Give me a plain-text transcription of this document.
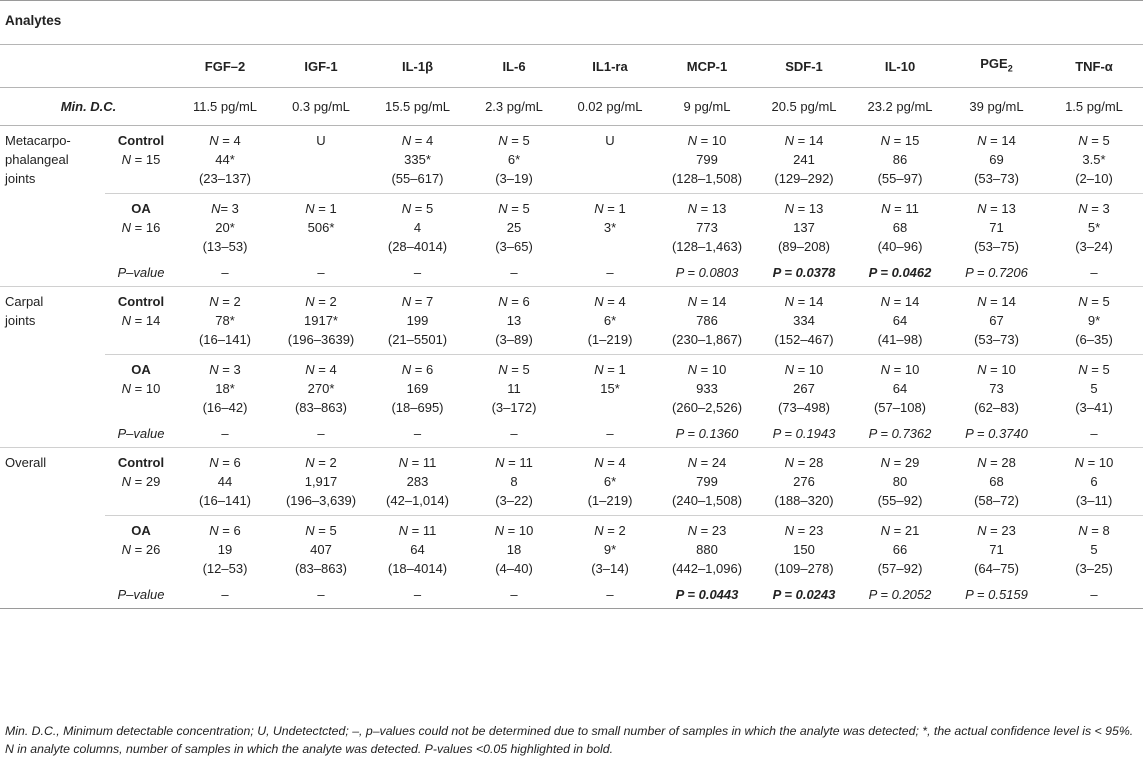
Analytes
		FGF–2	IGF-1	IL-1β	IL-6	IL1-ra	MCP-1	SDF-1	IL-10	$PGE_2$	TNF-α
Min. D.C.		11.5 pg/mL	0.3 pg/mL	15.5 pg/mL	2.3 pg/mL	0.02 pg/mL	9 pg/mL	20.5 pg/mL	23.2 pg/mL	39 pg/mL	1.5 pg/mL

Metacarpo-
phalangeal
joints	Control
N = 15	N = 4
44*
(23–137)	U	N = 4
335*
(55–617)	N = 5
6*
(3–19)	U	N = 10
799
(128–1,508)	N = 14
241
(129–292)	N = 15
86
(55–97)	N = 14
69
(53–73)	N = 5
3.5*
(2–10)

	OA
N = 16	N= 3
20*
(13–53)	N = 1
506*	N = 5
4
(28–4014)	N = 5
25
(3–65)	N = 1
3*	N = 13
773
(128–1,463)	N = 13
137
(89–208)	N = 11
68
(40–96)	N = 13
71
(53–75)	N = 3
5*
(3–24)

	P–value	–	–	–	–	–	P = 0.0803	P = 0.0378	P = 0.0462	P = 0.7206	–

Carpal
joints	Control
N = 14	N = 2
78*
(16–141)	N = 2
1917*
(196–3639)	N = 7
199
(21–5501)	N = 6
13
(3–89)	N = 4
6*
(1–219)	N = 14
786
(230–1,867)	N = 14
334
(152–467)	N = 14
64
(41–98)	N = 14
67
(53–73)	N = 5
9*
(6–35)

	OA
N = 10	N = 3
18*
(16–42)	N = 4
270*
(83–863)	N = 6
169
(18–695)	N = 5
11
(3–172)	N = 1
15*	N = 10
933
(260–2,526)	N = 10
267
(73–498)	N = 10
64
(57–108)	N = 10
73
(62–83)	N = 5
5
(3–41)

	P–value	–	–	–	–	–	P = 0.1360	P = 0.1943	P = 0.7362	P = 0.3740	–

Overall	Control
N = 29	N = 6
44
(16–141)	N = 2
1,917
(196–3,639)	N = 11
283
(42–1,014)	N = 11
8
(3–22)	N = 4
6*
(1–219)	N = 24
799
(240–1,508)	N = 28
276
(188–320)	N = 29
80
(55–92)	N = 28
68
(58–72)	N = 10
6
(3–11)

	OA
N = 26	N = 6
19
(12–53)	N = 5
407
(83–863)	N = 11
64
(18–4014)	N = 10
18
(4–40)	N = 2
9*
(3–14)	N = 23
880
(442–1,096)	N = 23
150
(109–278)	N = 21
66
(57–92)	N = 23
71
(64–75)	N = 8
5
(3–25)

	P–value	–	–	–	–	–	P = 0.0443	P = 0.0243	P = 0.2052	P = 0.5159	–
Min. D.C., Minimum detectable concentration; U, Undetectcted; –, p–values could not be determined due to small number of samples in which the analyte was detected; *, the actual confidence level is < 95%. N in analyte columns, number of samples in which the analyte was detected. P-values <0.05 highlighted in bold.
